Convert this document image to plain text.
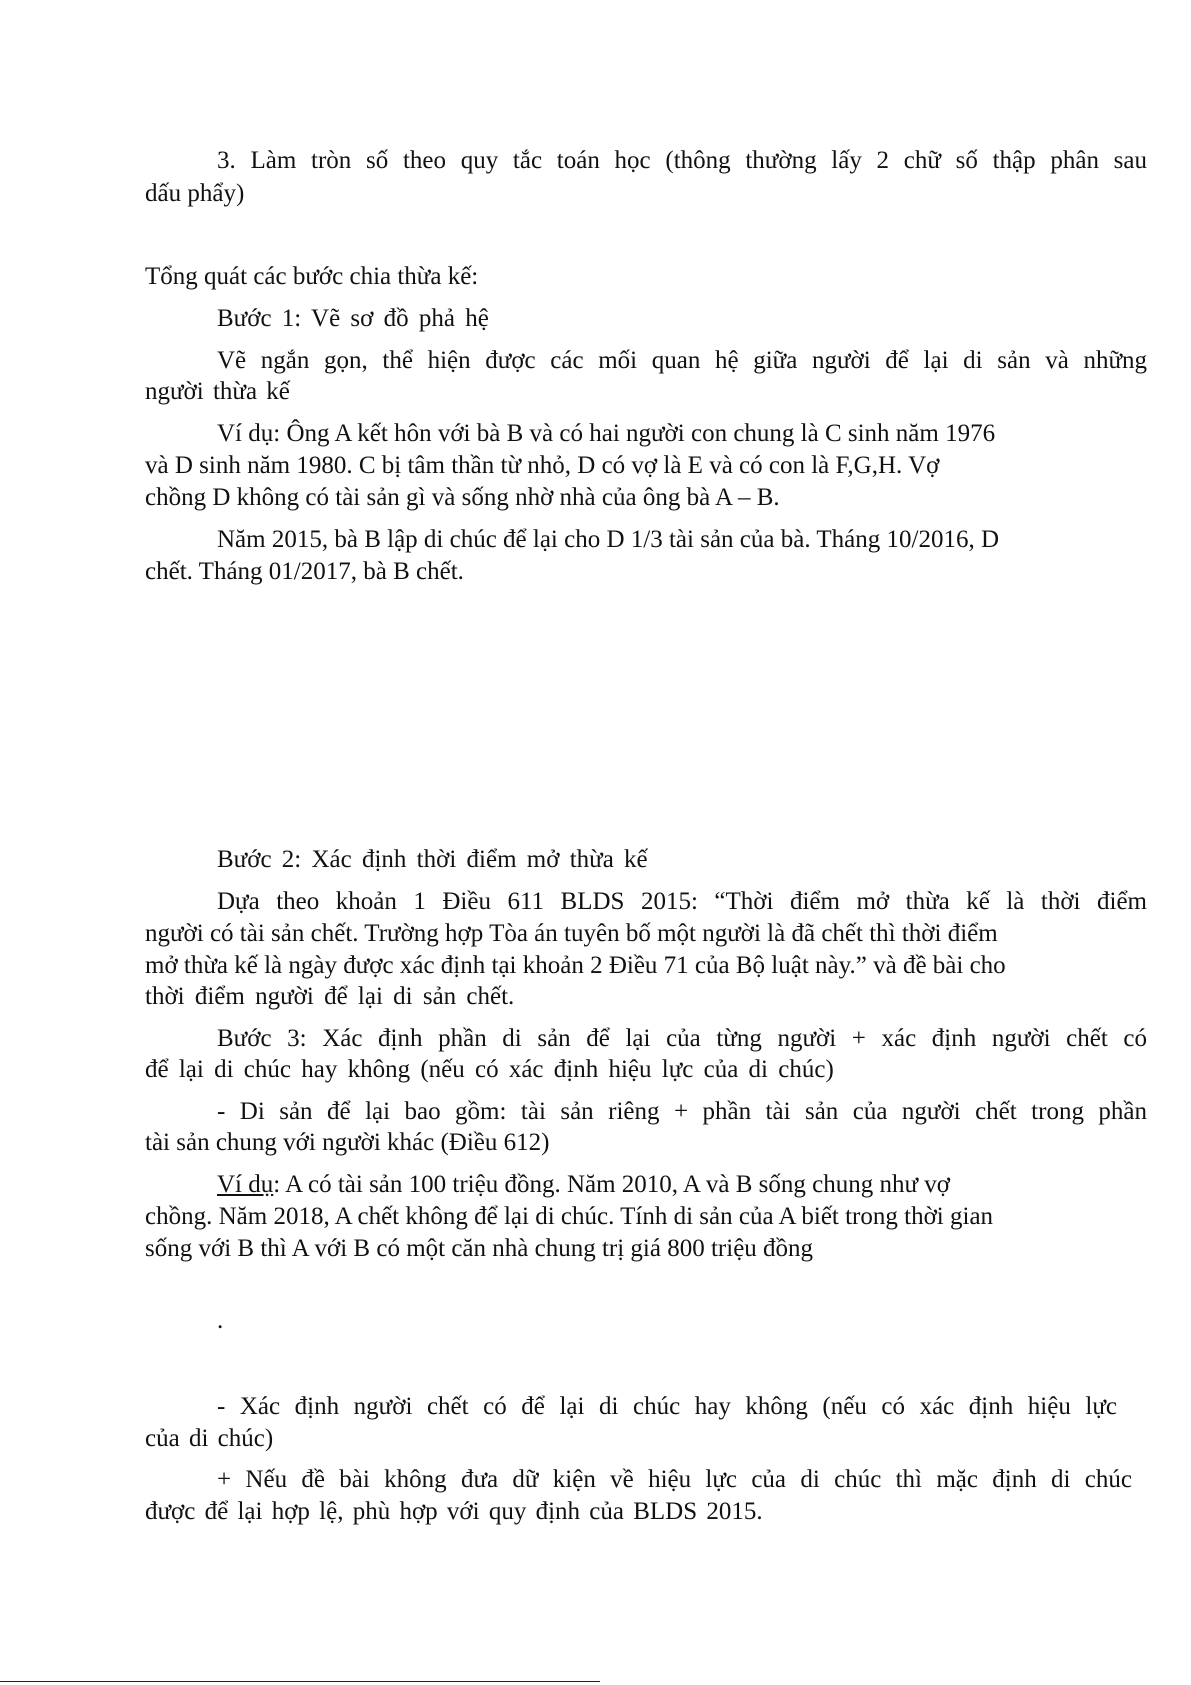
3. Làm tròn số theo quy tắc toán học (thông thường lấy 2 chữ số thập phân sau
dấu phẩy)
Tổng quát các bước chia thừa kế:
Bước 1: Vẽ sơ đồ phả hệ
Vẽ ngắn gọn, thể hiện được các mối quan hệ giữa người để lại di sản và những
người thừa kế
Ví dụ: Ông A kết hôn với bà B và có hai người con chung là C sinh năm 1976
và D sinh năm 1980. C bị tâm thần từ nhỏ, D có vợ là E và có con là F,G,H. Vợ
chồng D không có tài sản gì và sống nhờ nhà của ông bà A – B.
Năm 2015, bà B lập di chúc để lại cho D 1/3 tài sản của bà. Tháng 10/2016, D
chết. Tháng 01/2017, bà B chết.
Bước 2: Xác định thời điểm mở thừa kế
Dựa theo khoản 1 Điều 611 BLDS 2015: “Thời điểm mở thừa kế là thời điểm
người có tài sản chết. Trường hợp Tòa án tuyên bố một người là đã chết thì thời điểm
mở thừa kế là ngày được xác định tại khoản 2 Điều 71 của Bộ luật này.” và đề bài cho
thời điểm người để lại di sản chết.
Bước 3: Xác định phần di sản để lại của từng người + xác định người chết có
để lại di chúc hay không (nếu có xác định hiệu lực của di chúc)
- Di sản để lại bao gồm: tài sản riêng + phần tài sản của người chết trong phần
tài sản chung với người khác (Điều 612)
Ví dụ: A có tài sản 100 triệu đồng. Năm 2010, A và B sống chung như vợ
chồng. Năm 2018, A chết không để lại di chúc. Tính di sản của A biết trong thời gian
sống với B thì A với B có một căn nhà chung trị giá 800 triệu đồng
.
- Xác định người chết có để lại di chúc hay không (nếu có xác định hiệu lực
của di chúc)
+ Nếu đề bài không đưa dữ kiện về hiệu lực của di chúc thì mặc định di chúc
được để lại hợp lệ, phù hợp với quy định của BLDS 2015.
